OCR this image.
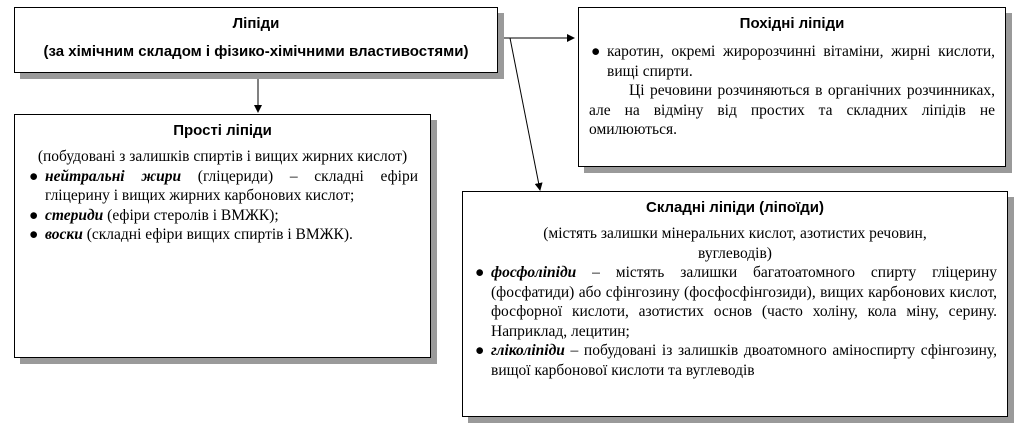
Ліпіди
(за хімічним складом і фізико-хімічними властивостями)
Прості ліпіди
(побудовані з залишків спиртів і вищих жирних кислот)
● нейтральні жири (гліцериди) – складні ефіри гліцерину і вищих жирних карбонових кислот;
● стериди (ефіри стеролів і ВМЖК);
● воски (складні ефіри вищих спиртів і ВМЖК).
Похідні ліпіди
● каротин, окремі жиророзчинні вітаміни, жирні кислоти, вищі спирти.
Ці речовини розчиняються в органічних розчинниках, але на відміну від простих та складних ліпідів не омилюються.
Складні ліпіди (ліпоїди)
(містять залишки мінеральних кислот, азотистих речовин, вуглеводів)
● фосфоліпіди – містять залишки багатоатомного спирту гліцерину (фосфатиди) або сфінгозину (фосфосфінгозиди), вищих карбонових кислот, фосфорної кислоти, азотистих основ (часто холіну, кола міну, серину. Наприклад, лецитин;
● гліколіпіди – побудовані із залишків двоатомного аміноспирту сфінгозину, вищої карбонової кислоти та вуглеводів
